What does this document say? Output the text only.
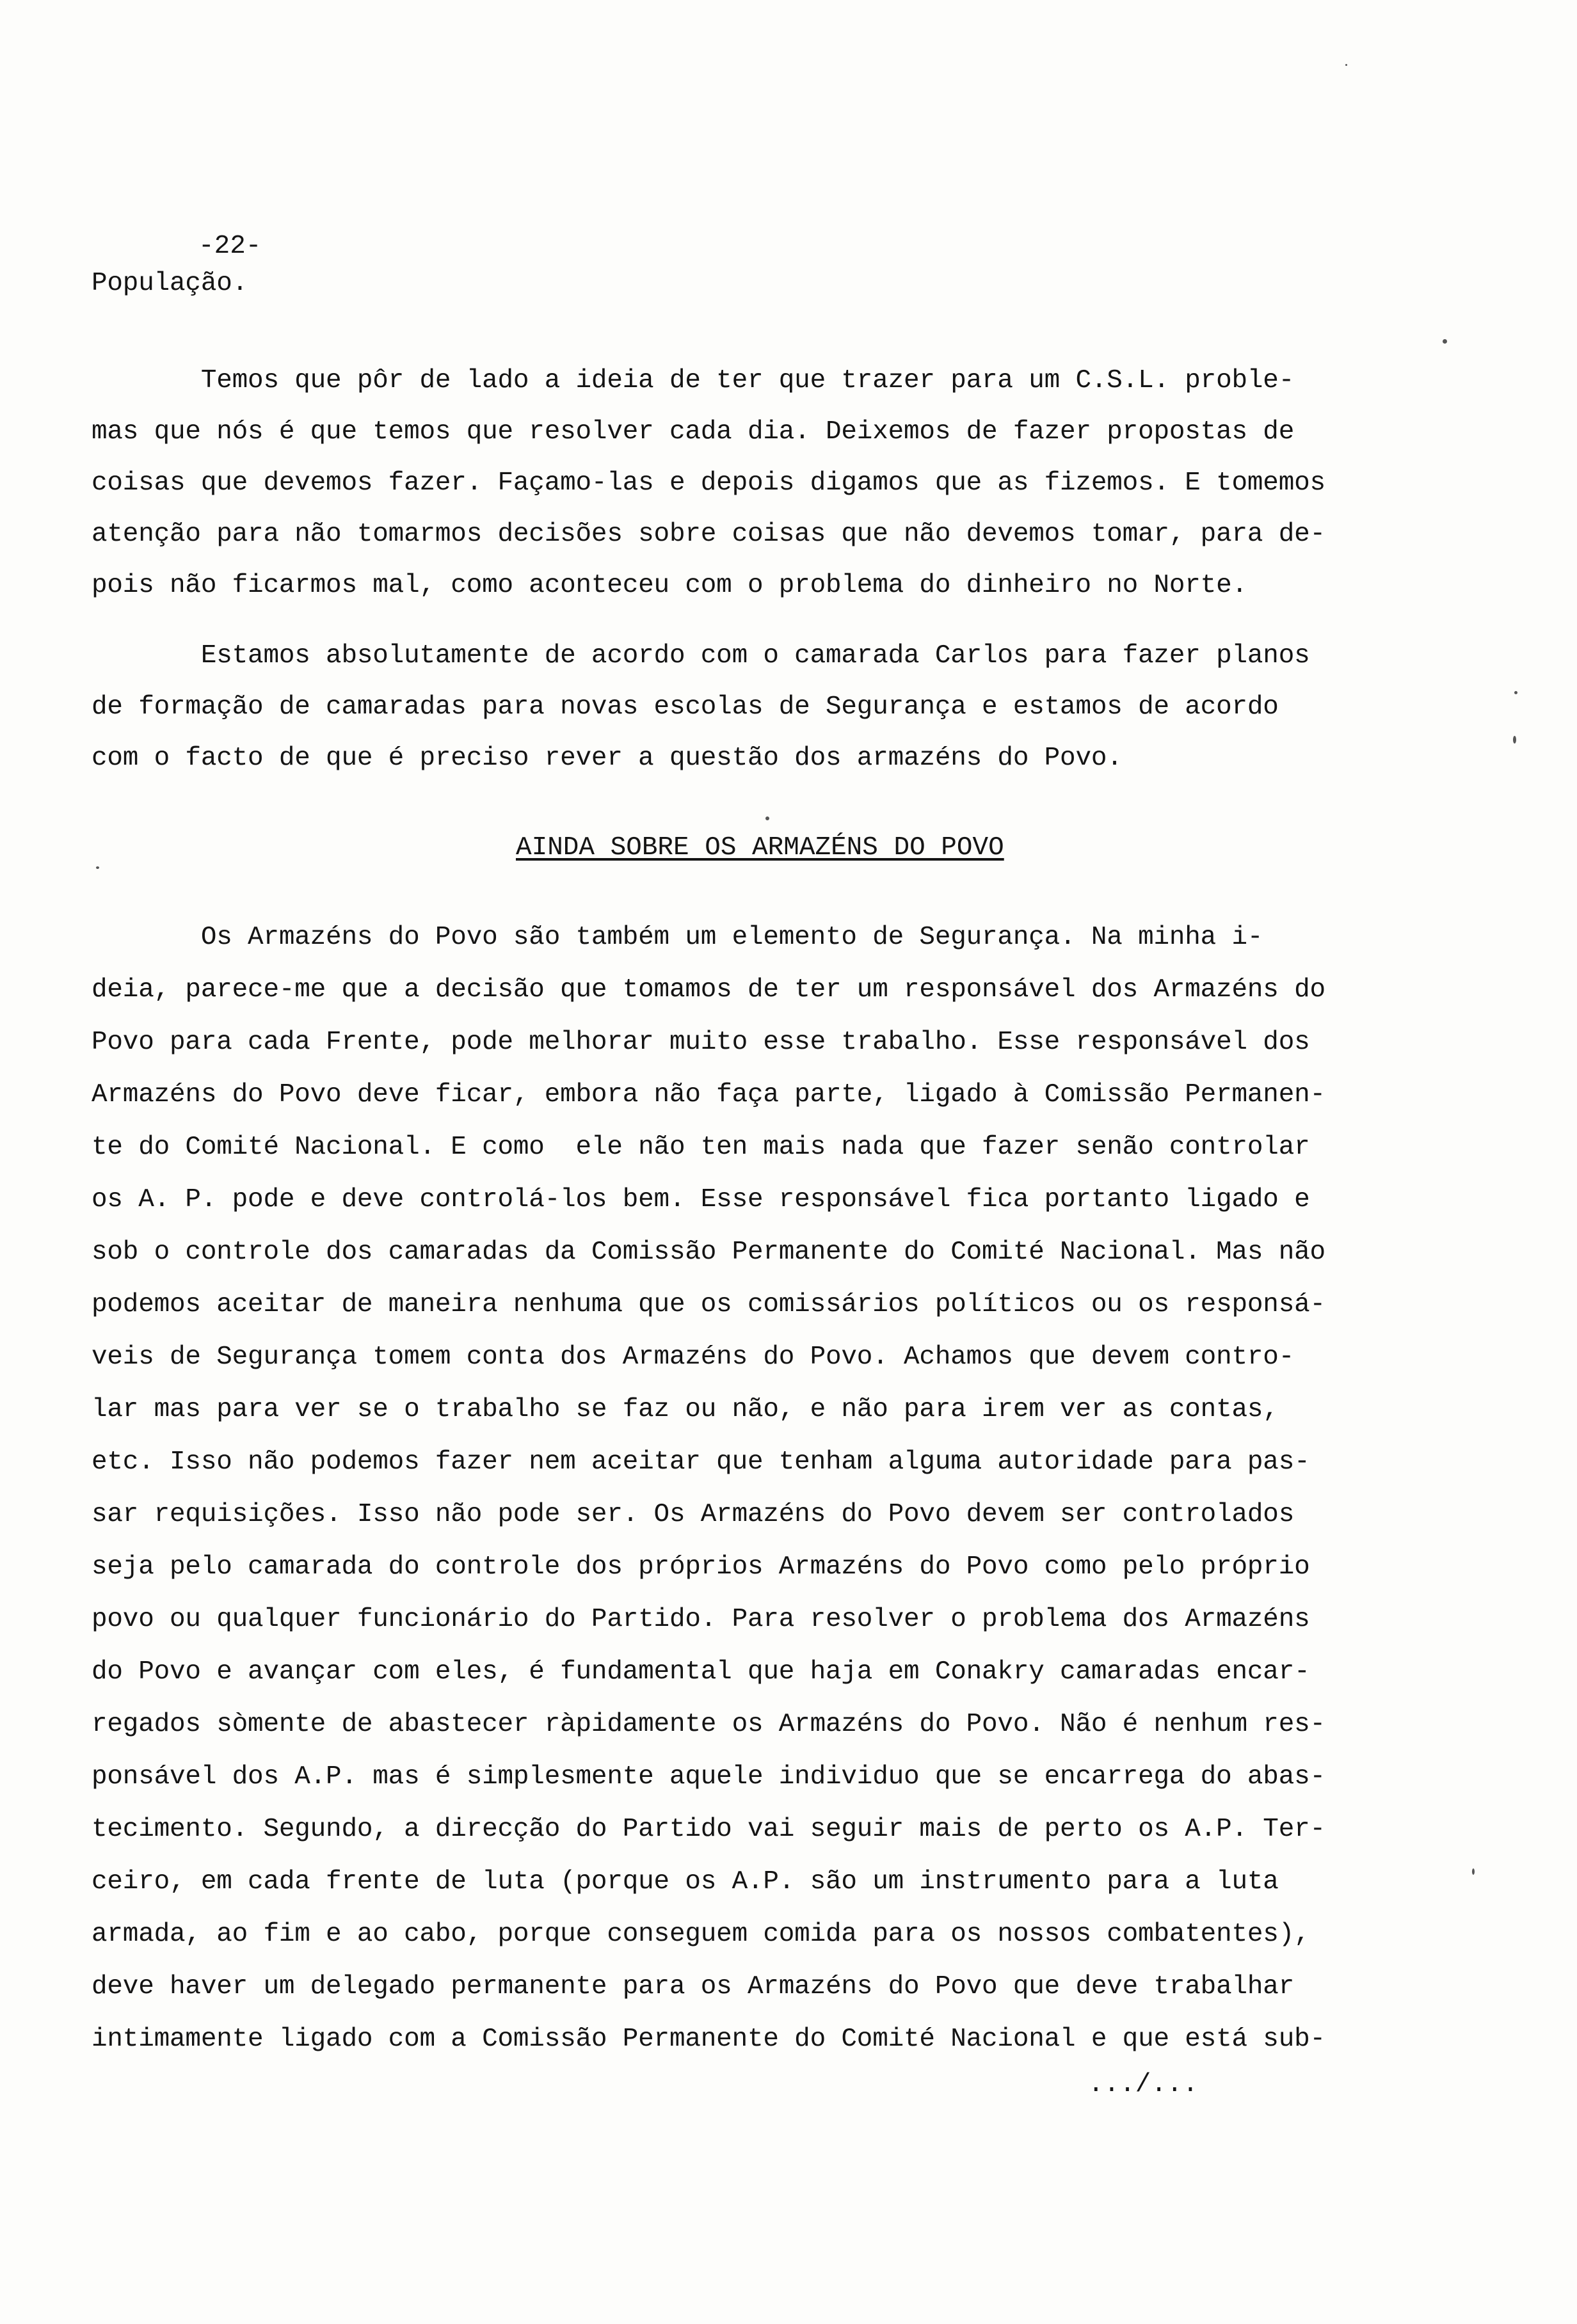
-22-
População.
Temos que pôr de lado a ideia de ter que trazer para um C.S.L. proble-
mas que nós é que temos que resolver cada dia. Deixemos de fazer propostas de
coisas que devemos fazer. Façamo-las e depois digamos que as fizemos. E tomemos
atenção para não tomarmos decisões sobre coisas que não devemos tomar, para de-
pois não ficarmos mal, como aconteceu com o problema do dinheiro no Norte.
Estamos absolutamente de acordo com o camarada Carlos para fazer planos
de formação de camaradas para novas escolas de Segurança e estamos de acordo
com o facto de que é preciso rever a questão dos armazéns do Povo.
AINDA SOBRE OS ARMAZÉNS DO POVO
Os Armazéns do Povo são também um elemento de Segurança. Na minha i-
deia, parece-me que a decisão que tomamos de ter um responsável dos Armazéns do
Povo para cada Frente, pode melhorar muito esse trabalho. Esse responsável dos
Armazéns do Povo deve ficar, embora não faça parte, ligado à Comissão Permanen-
te do Comité Nacional. E como  ele não ten mais nada que fazer senão controlar
os A. P. pode e deve controlá-los bem. Esse responsável fica portanto ligado e
sob o controle dos camaradas da Comissão Permanente do Comité Nacional. Mas não
podemos aceitar de maneira nenhuma que os comissários políticos ou os responsá-
veis de Segurança tomem conta dos Armazéns do Povo. Achamos que devem contro-
lar mas para ver se o trabalho se faz ou não, e não para irem ver as contas,
etc. Isso não podemos fazer nem aceitar que tenham alguma autoridade para pas-
sar requisições. Isso não pode ser. Os Armazéns do Povo devem ser controlados
seja pelo camarada do controle dos próprios Armazéns do Povo como pelo próprio
povo ou qualquer funcionário do Partido. Para resolver o problema dos Armazéns
do Povo e avançar com eles, é fundamental que haja em Conakry camaradas encar-
regados sòmente de abastecer ràpidamente os Armazéns do Povo. Não é nenhum res-
ponsável dos A.P. mas é simplesmente aquele individuo que se encarrega do abas-
tecimento. Segundo, a direcção do Partido vai seguir mais de perto os A.P. Ter-
ceiro, em cada frente de luta (porque os A.P. são um instrumento para a luta
armada, ao fim e ao cabo, porque conseguem comida para os nossos combatentes),
deve haver um delegado permanente para os Armazéns do Povo que deve trabalhar
intimamente ligado com a Comissão Permanente do Comité Nacional e que está sub-
.../...
